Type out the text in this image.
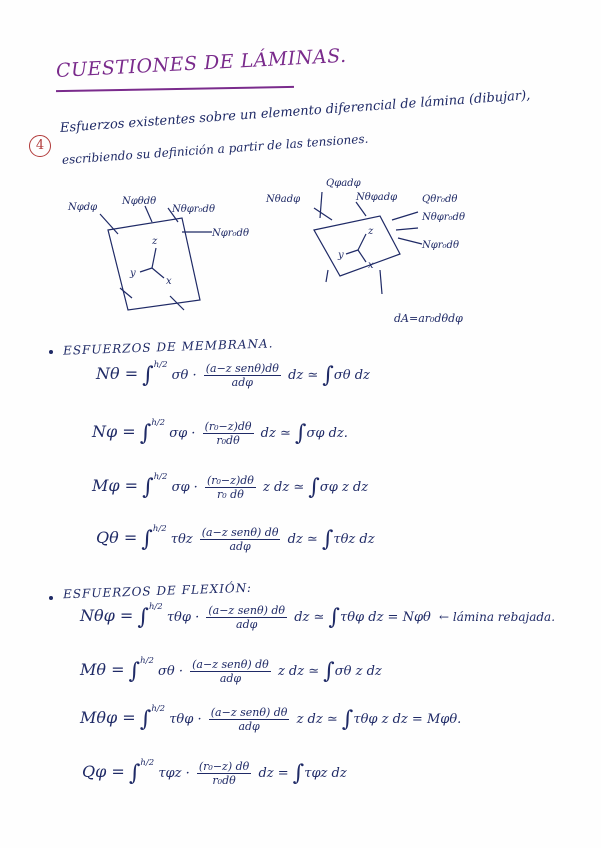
CUESTIONES DE LÁMINAS.
4
Esfuerzos existentes sobre un elemento diferencial de lámina (dibujar),
escribiendo su definición a partir de las tensiones.
Nφdφ
Nφθdθ
Nθφr₀dθ
Nφr₀dθ
z
y
x
Qφadφ
Nθadφ	Nθφadφ Qθr₀dθ
Nθφr₀dθ
Nφr₀dθ
z
y
x
dA=ar₀dθdφ
ESFUERZOS DE MEMBRANA.
Nθ = ∫$^{h/2}$ $\sigma\theta \cdot \frac{\text{(a−z senθ)dθ}}{\text{adφ}}$ dz ≃ ∫σθ dz
Nφ = ∫$^{h/2}$ $\sigma\varphi \cdot \frac{\text{(r₀−z)dθ}}{\text{r₀dθ}}$ dz ≃ ∫σφ dz.
Mφ = ∫$^{h/2}$ $\sigma\varphi \cdot \frac{\text{(r₀−z)dθ}}{\text{r₀ dθ}}$ z dz ≃ ∫σφ z dz
Qθ = ∫$^{h/2}$ τθz $\frac{\text{(a−z senθ) dθ}}{\text{adφ}}$ dz ≃ ∫τθz dz
ESFUERZOS DE FLEXIÓN:
Nθφ = ∫$^{h/2}$ $\tau\theta\varphi \cdot \frac{\text{(a−z senθ) dθ}}{\text{adφ}}$ dz ≃ ∫τθφ dz = Nφθ ← lámina rebajada.
Mθ = ∫$^{h/2}$ $\sigma\theta \cdot \frac{\text{(a−z senθ) dθ}}{\text{adφ}}$ z dz ≃ ∫σθ z dz
Mθφ = ∫$^{h/2}$ $\tau\theta\varphi \cdot \frac{\text{(a−z senθ) dθ}}{\text{adφ}}$ z dz ≃ ∫τθφ z dz = Mφθ.
Qφ = ∫$^{h/2}$ $\tau\varphi z \cdot \frac{\text{(r₀−z) dθ}}{\text{r₀dθ}}$ dz = ∫τφz dz
